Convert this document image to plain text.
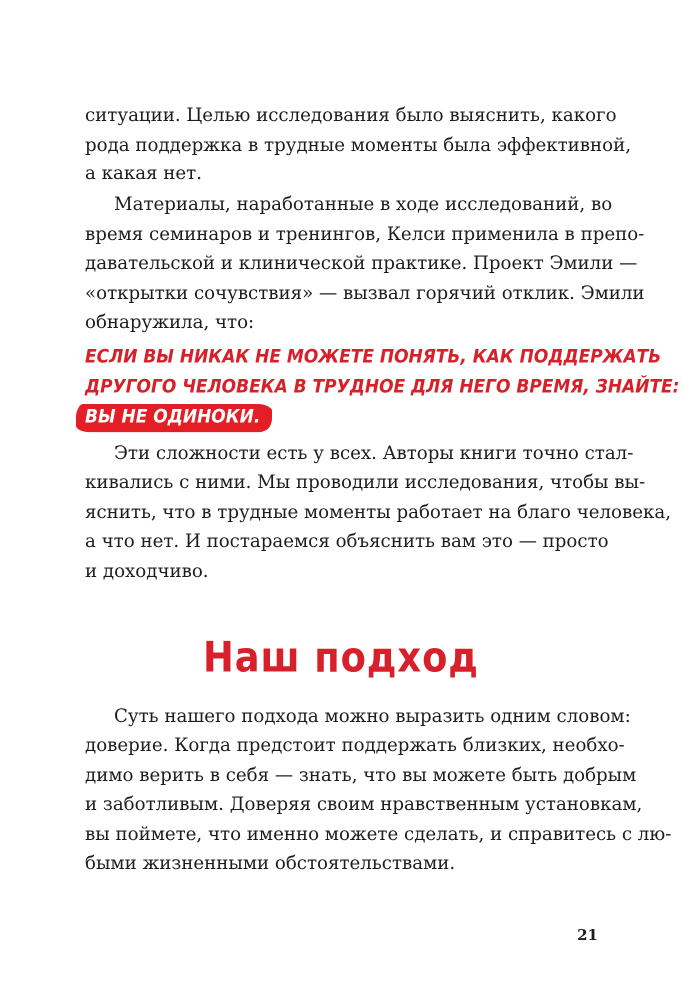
ситуации. Целью исследования было выяснить, какого
рода поддержка в трудные моменты была эффективной,
а какая нет.
Материалы, наработанные в ходе исследований, во
время семинаров и тренингов, Келси применила в препо-
давательской и клинической практике. Проект Эмили —
«открытки сочувствия» — вызвал горячий отклик. Эмили
обнаружила, что:
ЕСЛИ ВЫ НИКАК НЕ МОЖЕТЕ ПОНЯТЬ, КАК ПОДДЕРЖАТЬ
ДРУГОГО ЧЕЛОВЕКА В ТРУДНОЕ ДЛЯ НЕГО ВРЕМЯ, ЗНАЙТЕ:
ВЫ НЕ ОДИНОКИ.
Эти сложности есть у всех. Авторы книги точно стал-
кивались с ними. Мы проводили исследования, чтобы вы-
яснить, что в трудные моменты работает на благо человека,
а что нет. И постараемся объяснить вам это — просто
и доходчиво.
Наш подход
Суть нашего подхода можно выразить одним словом:
доверие. Когда предстоит поддержать близких, необхо-
димо верить в себя — знать, что вы можете быть добрым
и заботливым. Доверяя своим нравственным установкам,
вы поймете, что именно можете сделать, и справитесь с лю-
быми жизненными обстоятельствами.
21
